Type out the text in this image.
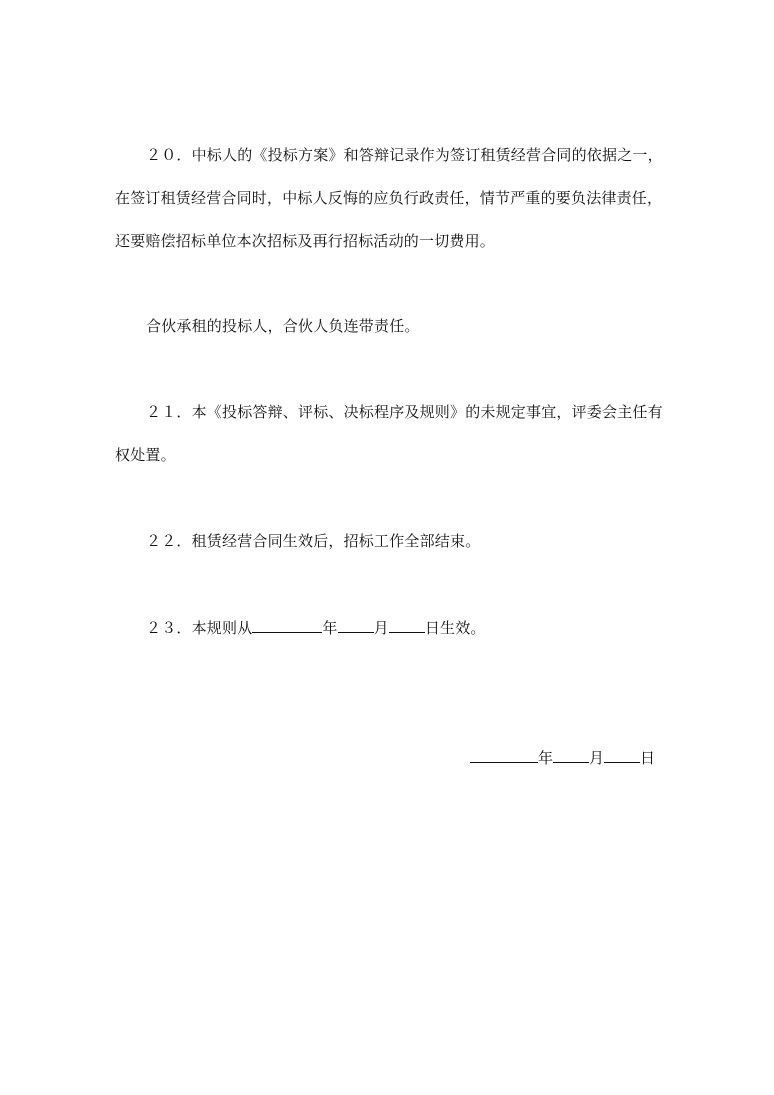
２０．中标人的《投标方案》和答辩记录作为签订租赁经营合同的依据之一，
在签订租赁经营合同时，中标人反悔的应负行政责任，情节严重的要负法律责任，
还要赔偿招标单位本次招标及再行招标活动的一切费用。
合伙承租的投标人，合伙人负连带责任。
２１．本《投标答辩、评标、决标程序及规则》的未规定事宜，评委会主任有
权处置。
２２．租赁经营合同生效后，招标工作全部结束。
２３．本规则从	年 月 日生效。
年 月 日
